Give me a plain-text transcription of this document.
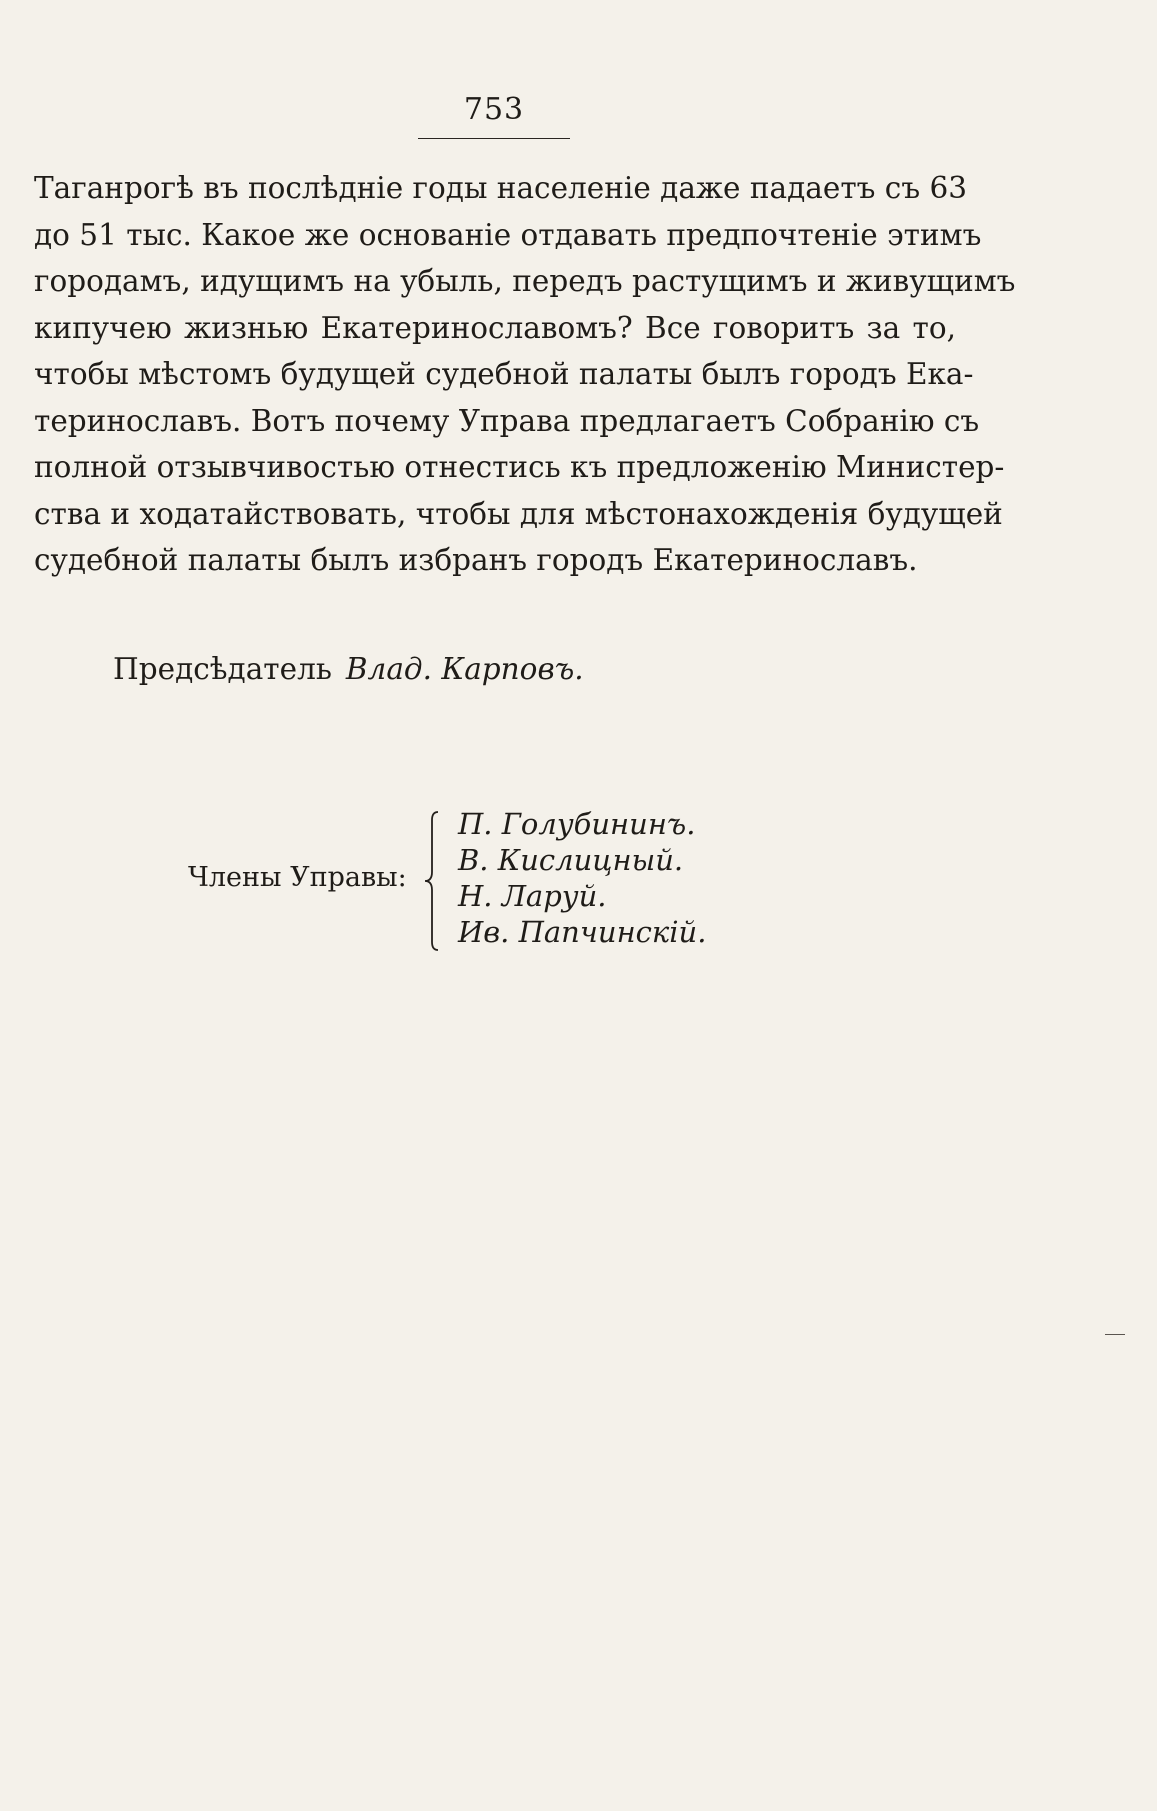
753
Таганрогѣ въ послѣдніе годы населеніе даже падаетъ съ 63
до 51 тыс. Какое же основаніе отдавать предпочтеніе этимъ
городамъ, идущимъ на убыль, передъ растущимъ и живущимъ
кипучею жизнью Екатеринославомъ? Все говоритъ за то,
чтобы мѣстомъ будущей судебной палаты былъ городъ Ека-
теринославъ. Вотъ почему Управа предлагаетъ Собранію съ
полной отзывчивостью отнестись къ предложенію Министер-
ства и ходатайствовать, чтобы для мѣстонахожденія будущей
судебной палаты былъ избранъ городъ Екатеринославъ.
Предсѣдатель Влад. Карповъ.
Члены Управы:
П. Голубининъ.
В. Кислицный.
Н. Ларуй.
Ив. Папчинскій.
